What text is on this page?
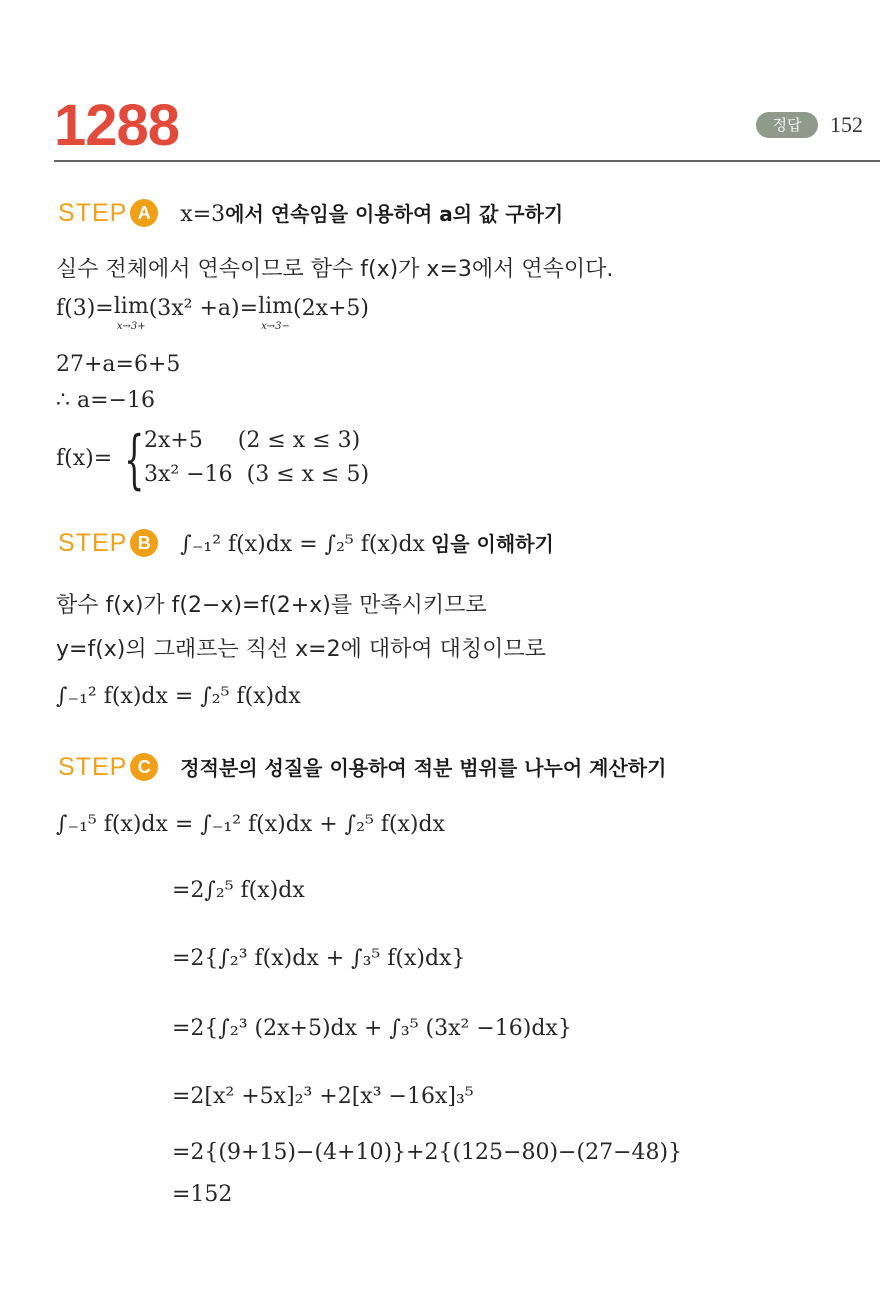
1288	정답	152
STEP A x=3에서 연속임을 이용하여 a의 값 구하기
실수 전체에서 연속이므로 함수 f(x)가 x=3에서 연속이다.
f(3)=lim
x→3+
(3x² +a)=lim
x→3−
(2x+5)
27+a=6+5
∴ a=−16
f(x)= { 2x+5     (2 ≤ x ≤ 3)
3x² −16  (3 ≤ x ≤ 5)
STEP B ∫₋₁² f(x)dx = ∫₂⁵ f(x)dx 임을 이해하기
함수 f(x)가 f(2−x)=f(2+x)를 만족시키므로
y=f(x)의 그래프는 직선 x=2에 대하여 대칭이므로
∫₋₁² f(x)dx = ∫₂⁵ f(x)dx
STEP C 정적분의 성질을 이용하여 적분 범위를 나누어 계산하기
∫₋₁⁵ f(x)dx = ∫₋₁² f(x)dx + ∫₂⁵ f(x)dx
=2∫₂⁵ f(x)dx
=2{∫₂³ f(x)dx + ∫₃⁵ f(x)dx}
=2{∫₂³ (2x+5)dx + ∫₃⁵ (3x² −16)dx}
=2[x² +5x]₂³ +2[x³ −16x]₃⁵
=2{(9+15)−(4+10)}+2{(125−80)−(27−48)}
=152
